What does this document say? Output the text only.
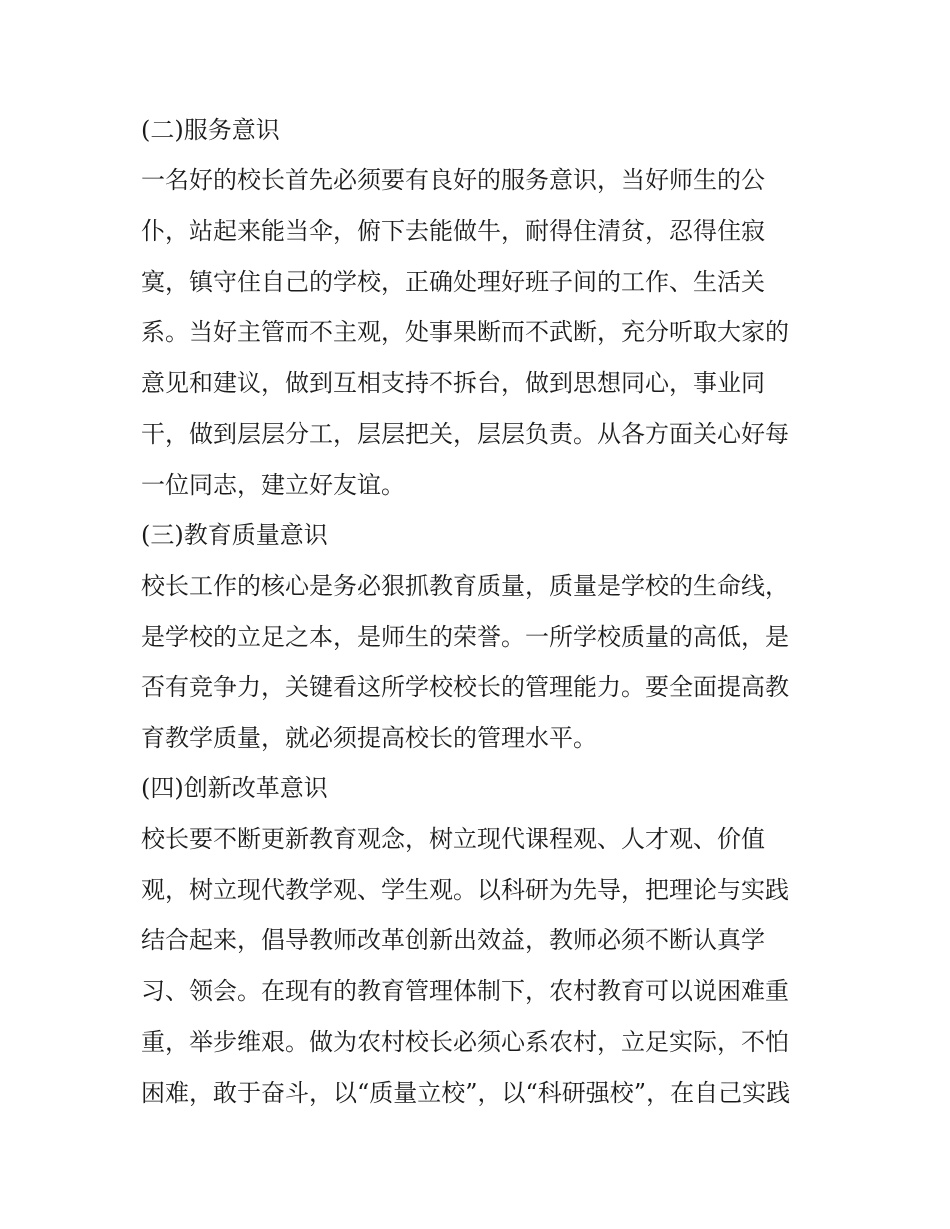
(二)服务意识
一名好的校长首先必须要有良好的服务意识，当好师生的公
仆，站起来能当伞，俯下去能做牛，耐得住清贫，忍得住寂
寞，镇守住自己的学校，正确处理好班子间的工作、生活关
系。当好主管而不主观，处事果断而不武断，充分听取大家的
意见和建议，做到互相支持不拆台，做到思想同心，事业同
干，做到层层分工，层层把关，层层负责。从各方面关心好每
一位同志，建立好友谊。
(三)教育质量意识
校长工作的核心是务必狠抓教育质量，质量是学校的生命线，
是学校的立足之本，是师生的荣誉。一所学校质量的高低，是
否有竞争力，关键看这所学校校长的管理能力。要全面提高教
育教学质量，就必须提高校长的管理水平。
(四)创新改革意识
校长要不断更新教育观念，树立现代课程观、人才观、价值
观，树立现代教学观、学生观。以科研为先导，把理论与实践
结合起来，倡导教师改革创新出效益，教师必须不断认真学
习、领会。在现有的教育管理体制下，农村教育可以说困难重
重，举步维艰。做为农村校长必须心系农村，立足实际，不怕
困难，敢于奋斗，以“质量立校”，以“科研强校”，在自己实践
